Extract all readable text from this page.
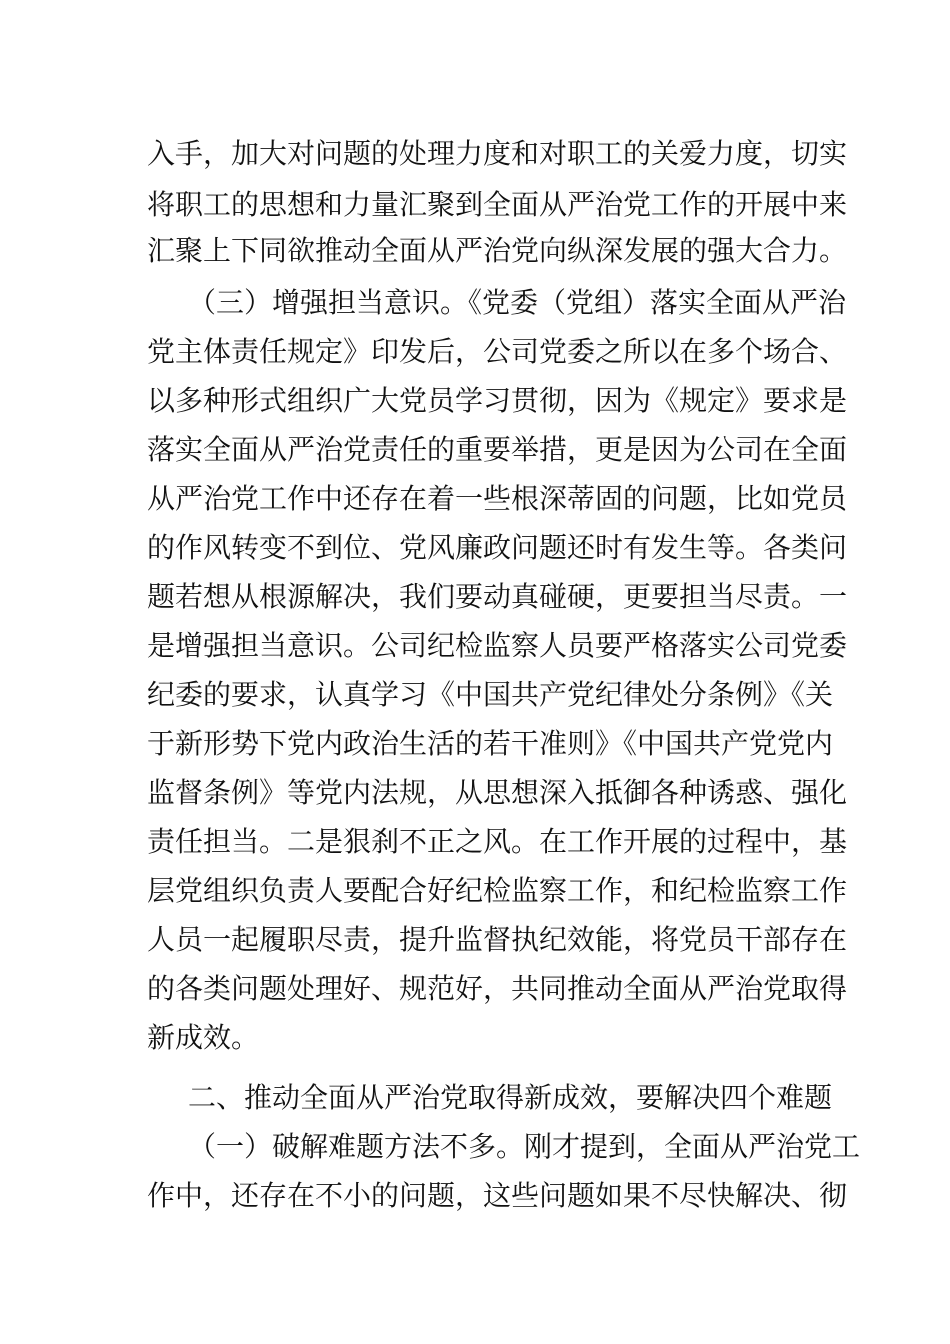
入手，加大对问题的处理力度和对职工的关爱力度，切实
将职工的思想和力量汇聚到全面从严治党工作的开展中来
汇聚上下同欲推动全面从严治党向纵深发展的强大合力。
（三）增强担当意识。《党委（党组）落实全面从严治
党主体责任规定》印发后，公司党委之所以在多个场合、
以多种形式组织广大党员学习贯彻，因为《规定》要求是
落实全面从严治党责任的重要举措，更是因为公司在全面
从严治党工作中还存在着一些根深蒂固的问题，比如党员
的作风转变不到位、党风廉政问题还时有发生等。各类问
题若想从根源解决，我们要动真碰硬，更要担当尽责。一
是增强担当意识。公司纪检监察人员要严格落实公司党委
纪委的要求，认真学习《中国共产党纪律处分条例》《关
于新形势下党内政治生活的若干准则》《中国共产党党内
监督条例》等党内法规，从思想深入抵御各种诱惑、强化
责任担当。二是狠刹不正之风。在工作开展的过程中，基
层党组织负责人要配合好纪检监察工作，和纪检监察工作
人员一起履职尽责，提升监督执纪效能，将党员干部存在
的各类问题处理好、规范好，共同推动全面从严治党取得
新成效。
二、推动全面从严治党取得新成效，要解决四个难题
（一）破解难题方法不多。刚才提到，全面从严治党工
作中，还存在不小的问题，这些问题如果不尽快解决、彻
